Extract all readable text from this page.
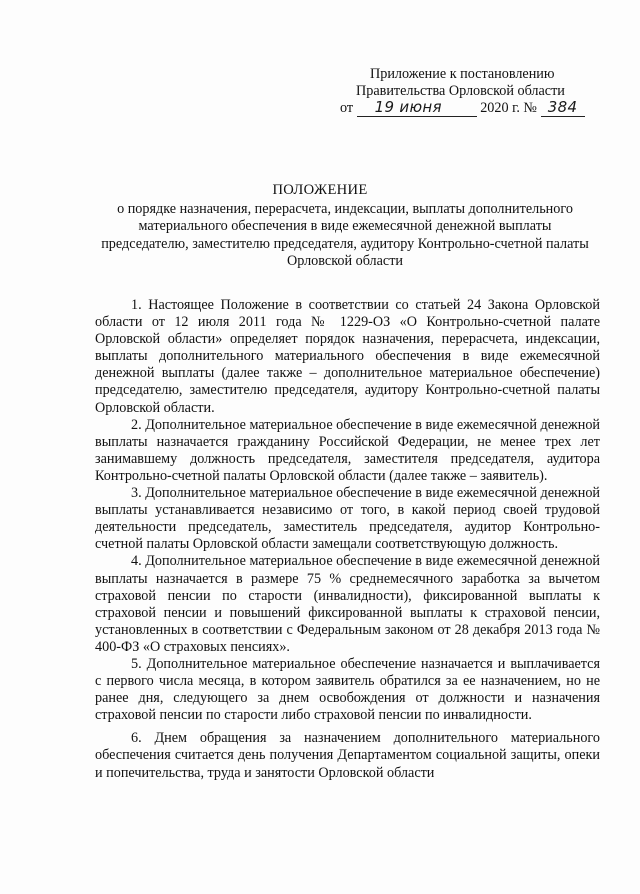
Приложение к постановлению
Правительства Орловской области
от 19 июня	2020 г. № 384
ПОЛОЖЕНИЕ
о порядке назначения, перерасчета, индексации, выплаты дополнительного материального обеспечения в виде ежемесячной денежной выплаты председателю, заместителю председателя, аудитору Контрольно-счетной палаты Орловской области

1. Настоящее Положение в соответствии со статьей 24 Закона Орловской области от 12 июля 2011 года № 1229-ОЗ «О Контрольно-счетной палате Орловской области» определяет порядок назначения, перерасчета, индексации, выплаты дополнительного материального обеспечения в виде ежемесячной денежной выплаты (далее также – дополнительное материальное обеспечение) председателю, заместителю председателя, аудитору Контрольно-счетной палаты Орловской области.

2. Дополнительное материальное обеспечение в виде ежемесячной денежной выплаты назначается гражданину Российской Федерации, не менее трех лет занимавшему должность председателя, заместителя председателя, аудитора Контрольно-счетной палаты Орловской области (далее также – заявитель).

3. Дополнительное материальное обеспечение в виде ежемесячной денежной выплаты устанавливается независимо от того, в какой период своей трудовой деятельности председатель, заместитель председателя, аудитор Контрольно-счетной палаты Орловской области замещали соответствующую должность.

4. Дополнительное материальное обеспечение в виде ежемесячной денежной выплаты назначается в размере 75 % среднемесячного заработка за вычетом страховой пенсии по старости (инвалидности), фиксированной выплаты к страховой пенсии и повышений фиксированной выплаты к страховой пенсии, установленных в соответствии с Федеральным законом от 28 декабря 2013 года № 400-ФЗ «О страховых пенсиях».

5. Дополнительное материальное обеспечение назначается и выплачивается с первого числа месяца, в котором заявитель обратился за ее назначением, но не ранее дня, следующего за днем освобождения от должности и назначения страховой пенсии по старости либо страховой пенсии по инвалидности.

6. Днем обращения за назначением дополнительного материального обеспечения считается день получения Департаментом социальной защиты, опеки и попечительства, труда и занятости Орловской области
